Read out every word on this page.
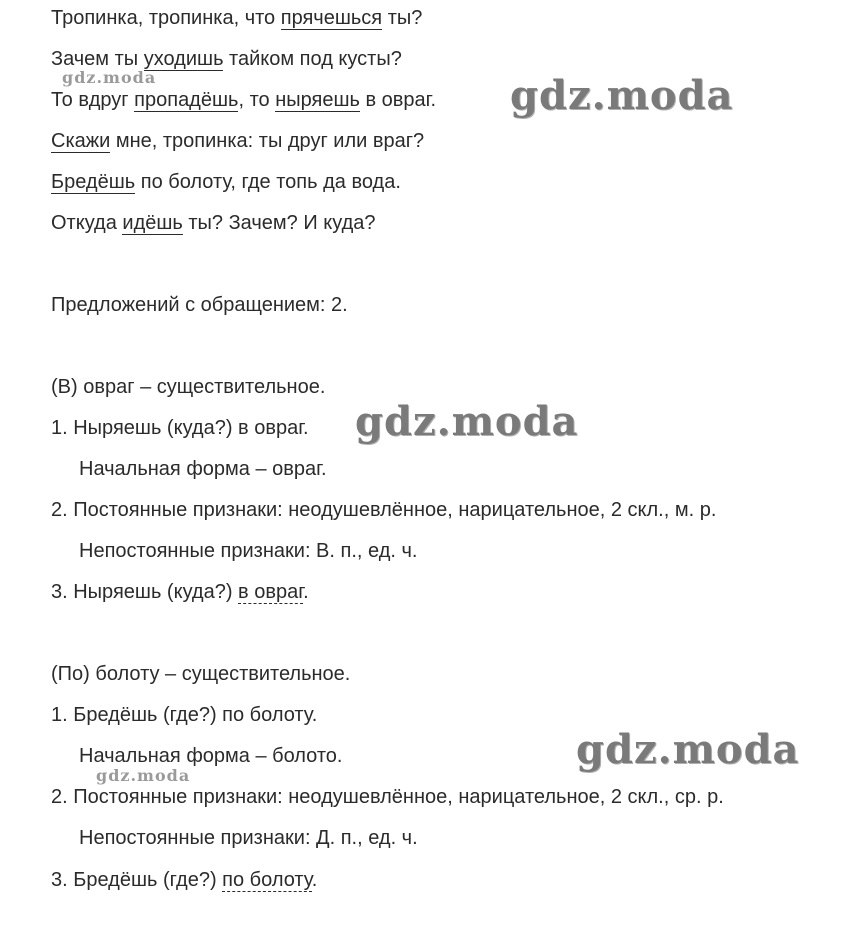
Тропинка, тропинка, что прячешься ты?
Зачем ты уходишь тайком под кусты?
То вдруг пропадёшь, то ныряешь в овраг.
Скажи мне, тропинка: ты друг или враг?
Бредёшь по болоту, где топь да вода.
Откуда идёшь ты? Зачем? И куда?
Предложений с обращением: 2.
(В) овраг – существительное.
1. Ныряешь (куда?) в овраг.
Начальная форма – овраг.
2. Постоянные признаки: неодушевлённое, нарицательное, 2 скл., м. р.
Непостоянные признаки: В. п., ед. ч.
3. Ныряешь (куда?) в овраг.
(По) болоту – существительное.
1. Бредёшь (где?) по болоту.
Начальная форма – болото.
2. Постоянные признаки: неодушевлённое, нарицательное, 2 скл., ср. р.
Непостоянные признаки: Д. п., ед. ч.
3. Бредёшь (где?) по болоту.
gdz.moda	gdz.moda
gdz.moda
gdz.moda
gdz.moda
